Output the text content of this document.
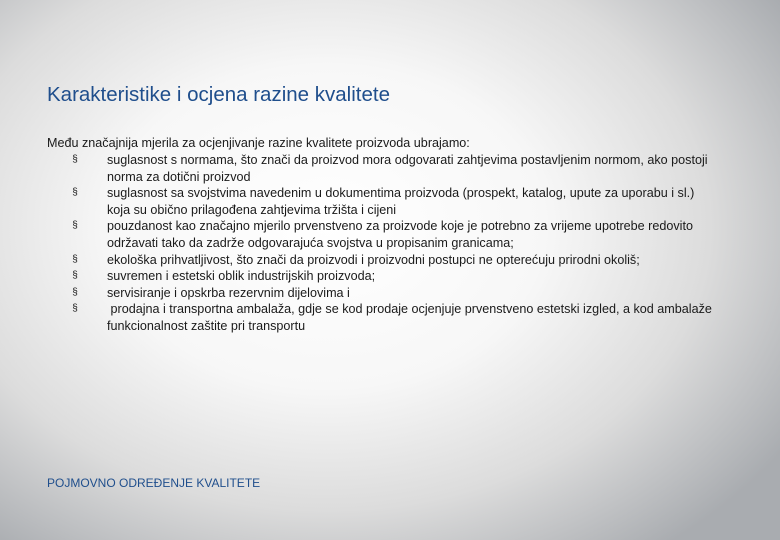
Karakteristike i ocjena razine kvalitete

Među značajnija mjerila za ocjenjivanje razine kvalitete proizvoda ubrajamo:

§	suglasnost s normama, što znači da proizvod mora odgovarati zahtjevima postavljenim normom, ako postoji norma za dotični proizvod
§	suglasnost sa svojstvima navedenim u dokumentima proizvoda (prospekt, katalog, upute za uporabu i sl.) koja su obično prilagođena zahtjevima tržišta i cijeni
§	pouzdanost kao značajno mjerilo prvenstveno za proizvode koje je potrebno za vrijeme upotrebe redovito održavati tako da zadrže odgovarajuća svojstva u propisanim granicama;
§	ekološka prihvatljivost, što znači da proizvodi i proizvodni postupci ne opterećuju prirodni okoliš;
§	suvremen i estetski oblik industrijskih proizvoda;
§	servisiranje i opskrba rezervnim dijelovima i
§	prodajna i transportna ambalaža, gdje se kod prodaje ocjenjuje prvenstveno estetski izgled, a kod ambalaže funkcionalnost zaštite pri transportu
POJMOVNO ODREĐENJE KVALITETE
